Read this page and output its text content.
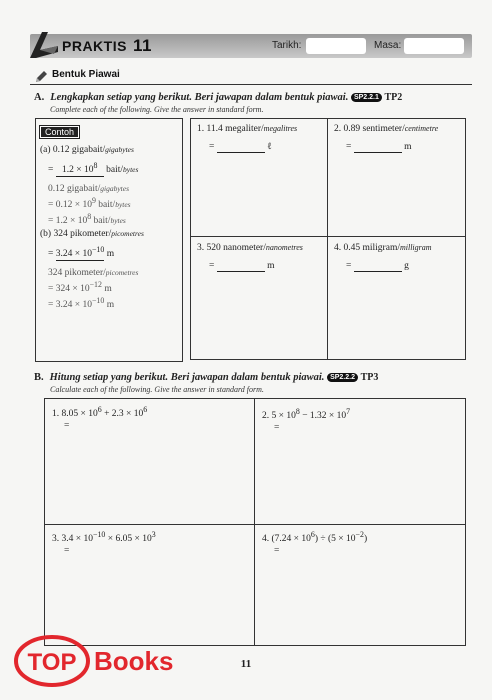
PRAKTIS 11	Tarikh:	Masa:
Bentuk Piawai
A. Lengkapkan setiap yang berikut. Beri jawapan dalam bentuk piawai. SP2.2.1 TP2
Complete each of the following. Give the answer in standard form.
Contoh
(a) 0.12 gigabait/gigabytes
= $1.2 \times 10^8$ bait/bytes
0.12 gigabait/gigabytes
= $0.12 \times 10^9$ bait/bytes
= $1.2 \times 10^8$ bait/bytes
(b) 324 pikometer/picometres
= $3.24 \times 10^{-10}$ m
324 pikometer/picometres
= $324 \times 10^{-12}$ m
= $3.24 \times 10^{-10}$ m
1. 11.4 megaliter/megalitres
=	ℓ
2. 0.89 sentimeter/centimetre
=	m
3. 520 nanometer/nanometres
=	m
4. 0.45 miligram/milligram
=	g
B. Hitung setiap yang berikut. Beri jawapan dalam bentuk piawai. SP2.2.2 TP3
Calculate each of the following. Give the answer in standard form.
1. $8.05 \times 10^6 + 2.3 \times 10^6$
=
2. $5 \times 10^8 - 1.32 \times 10^7$
=
3. $3.4 \times 10^{-10} \times 6.05 \times 10^3$
=
4. $(7.24 \times 10^6) \div (5 \times 10^{-2})$
=
11
TOP Books
